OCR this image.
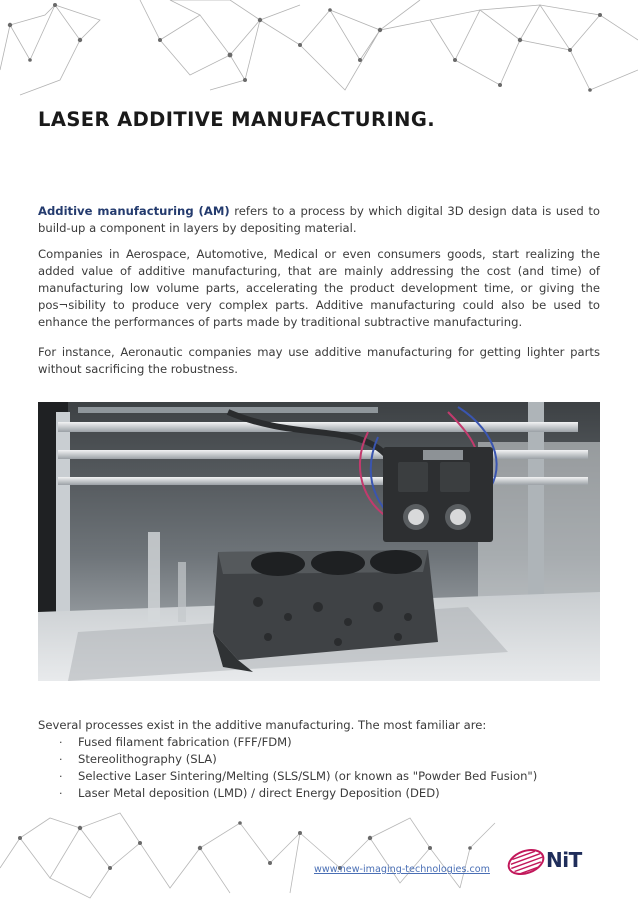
LASER ADDITIVE MANUFACTURING.

Additive manufacturing (AM) refers to a process by which digital 3D design data is used to build-up a component in layers by depositing material.

Companies in Aerospace, Automotive, Medical or even consumers goods, start realizing the added value of additive manufacturing, that are mainly addressing the cost (and time) of manufacturing low volume parts, accelerating the product development time, or giving the pos¬sibility to produce very complex parts. Additive manufacturing could also be used to enhance the performances of parts made by traditional subtractive manufacturing.

For instance, Aeronautic companies may use additive manufacturing for getting lighter parts without sacrificing the robustness.

Several processes exist in the additive manufacturing. The most familiar are:

· Fused filament fabrication (FFF/FDM)
· Stereolithography (SLA)
· Selective Laser Sintering/Melting (SLS/SLM) (or known as "Powder Bed Fusion")
· Laser Metal deposition (LMD) / direct Energy Deposition (DED)
www.new-imaging-technologies.com	NiT
